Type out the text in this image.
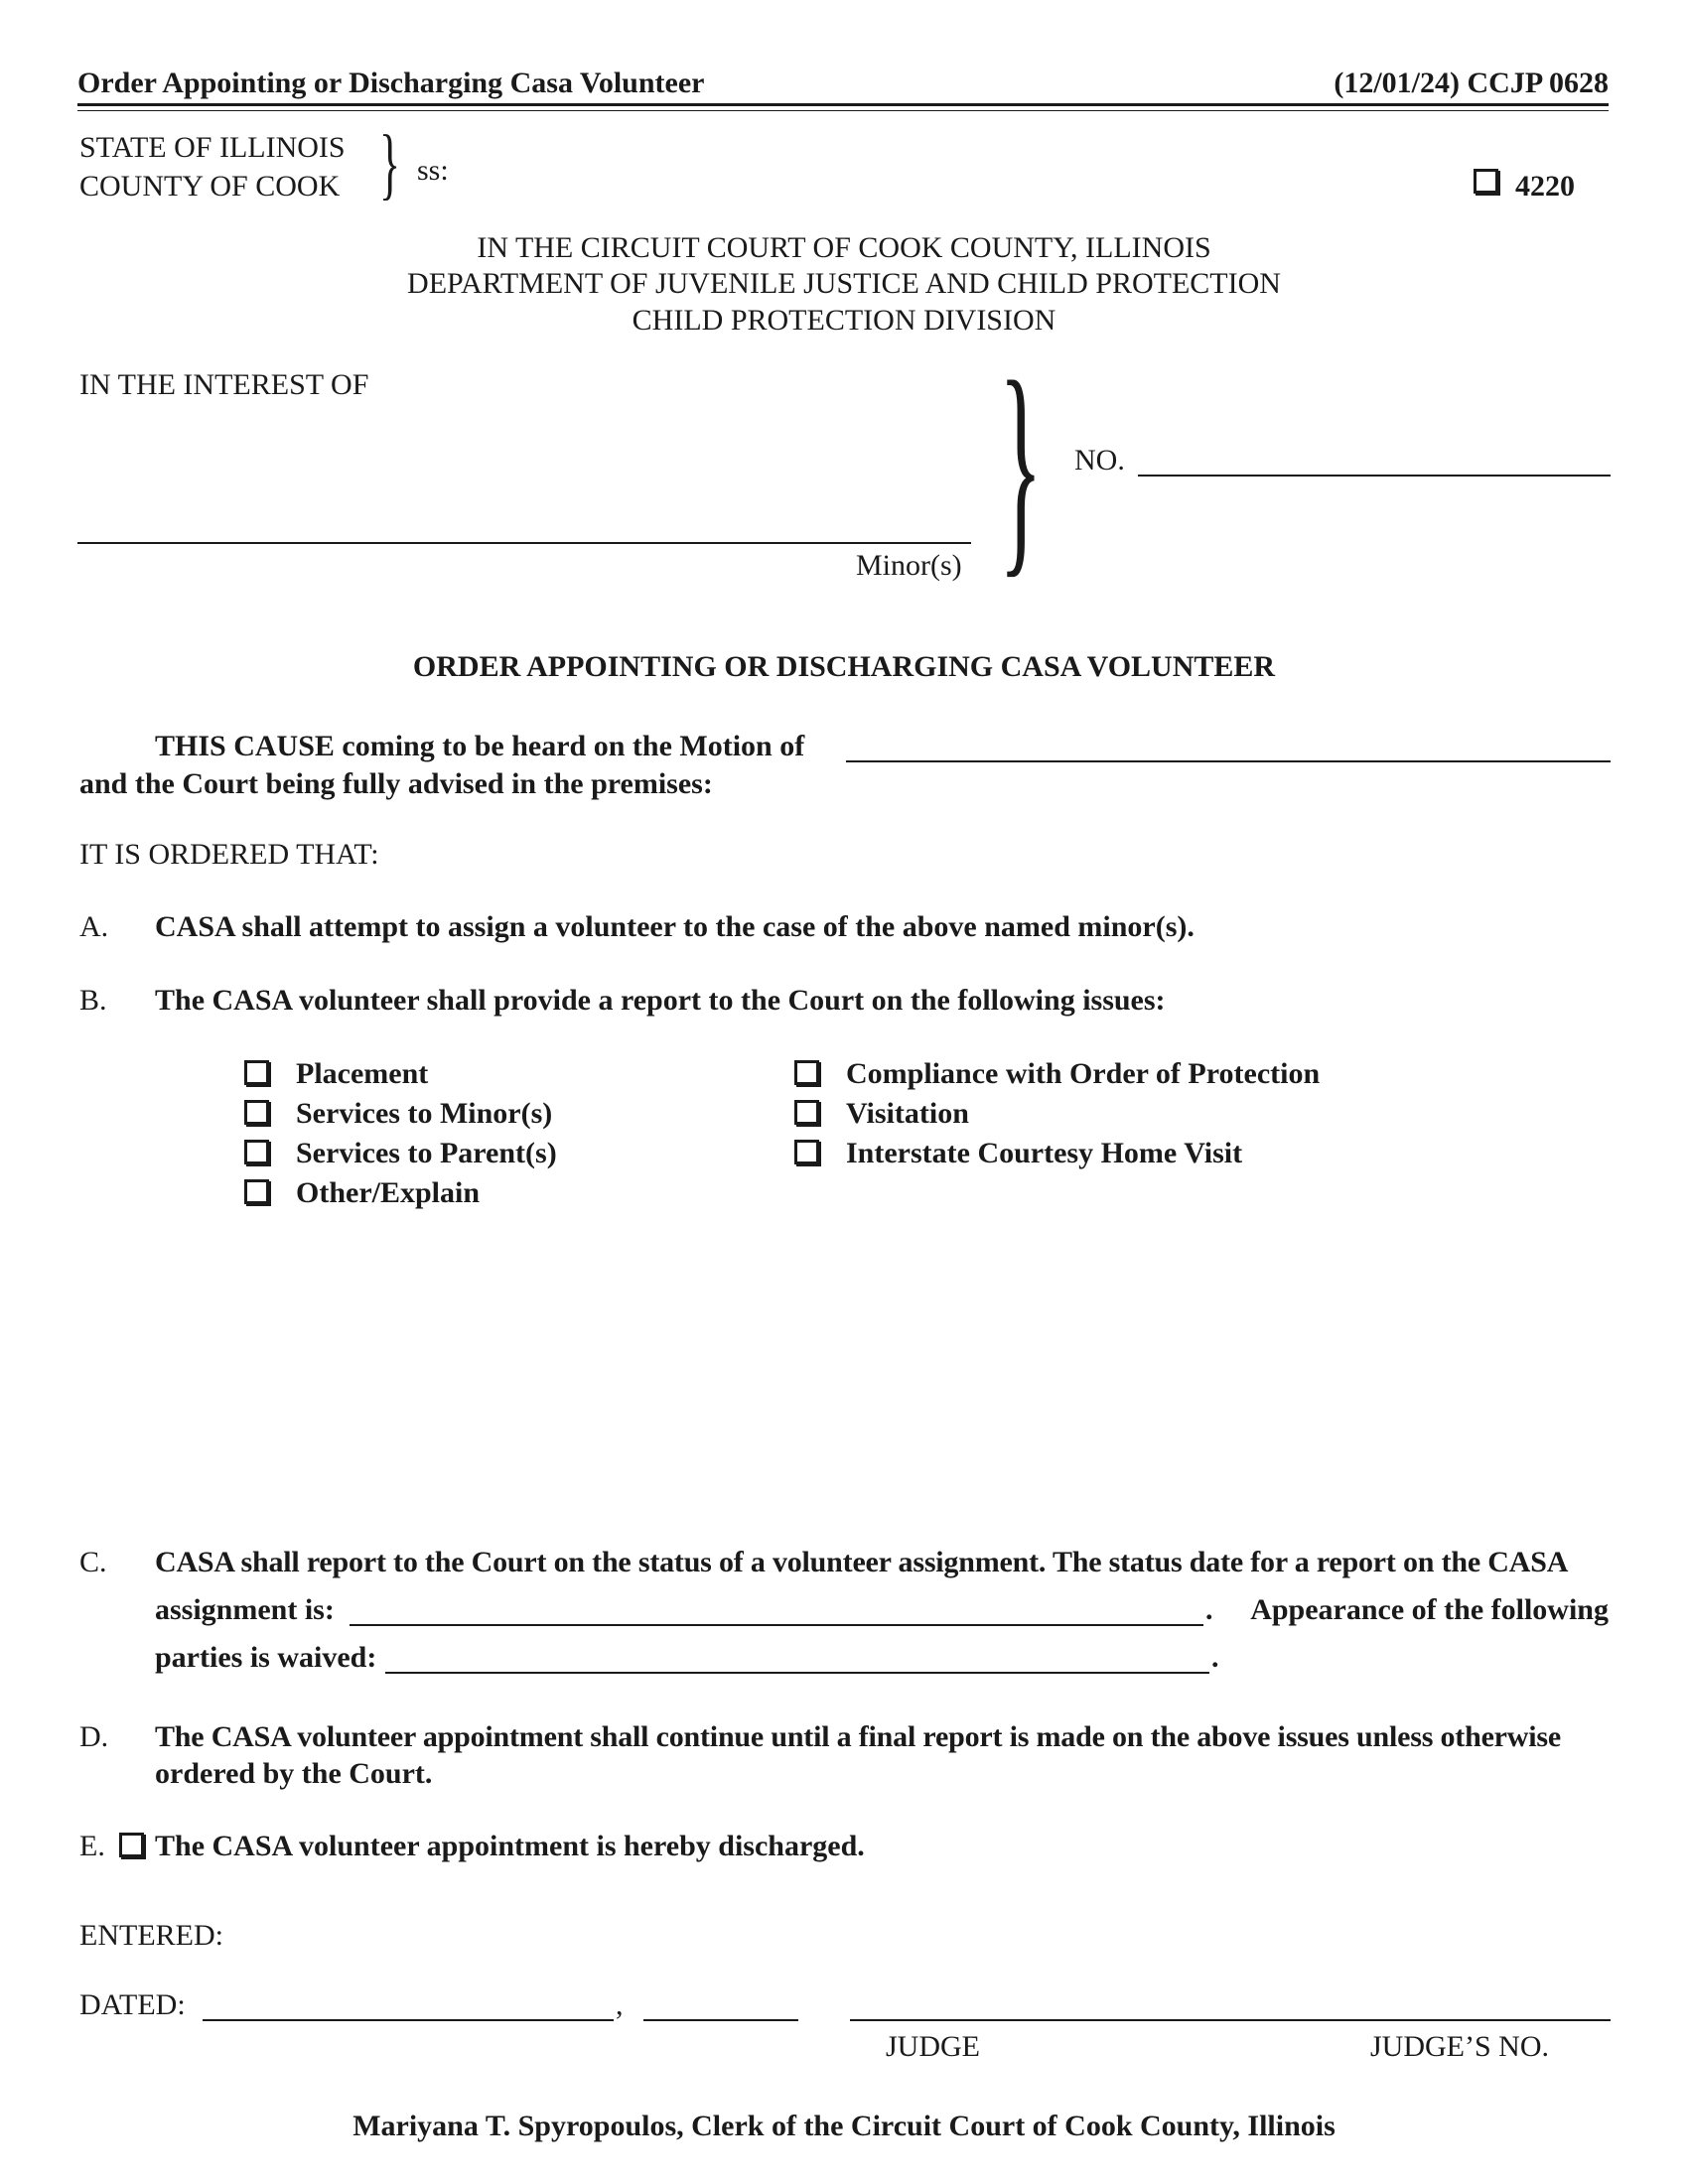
Order Appointing or Discharging Casa Volunteer	(12/01/24) CCJP 0628
STATE OF ILLINOIS
COUNTY OF COOK } ss:	4220
IN THE CIRCUIT COURT OF COOK COUNTY, ILLINOIS
DEPARTMENT OF JUVENILE JUSTICE AND CHILD PROTECTION
CHILD PROTECTION DIVISION
IN THE INTEREST OF
Minor(s) } NO.
ORDER APPOINTING OR DISCHARGING CASA VOLUNTEER
THIS CAUSE coming to be heard on the Motion of
and the Court being fully advised in the premises:
IT IS ORDERED THAT:
A. CASA shall attempt to assign a volunteer to the case of the above named minor(s).
B. The CASA volunteer shall provide a report to the Court on the following issues:
Placement
Services to Minor(s)
Services to Parent(s)
Other/Explain
Compliance with Order of Protection
Visitation
Interstate Courtesy Home Visit
C. CASA shall report to the Court on the status of a volunteer assignment. The status date for a report on the CASA
assignment is:	. Appearance of the following
parties is waived:	.
D. The CASA volunteer appointment shall continue until a final report is made on the above issues unless otherwise
ordered by the Court.
E. The CASA volunteer appointment is hereby discharged.
ENTERED:
DATED:	,
JUDGE	JUDGE’S NO.
Mariyana T. Spyropoulos, Clerk of the Circuit Court of Cook County, Illinois
